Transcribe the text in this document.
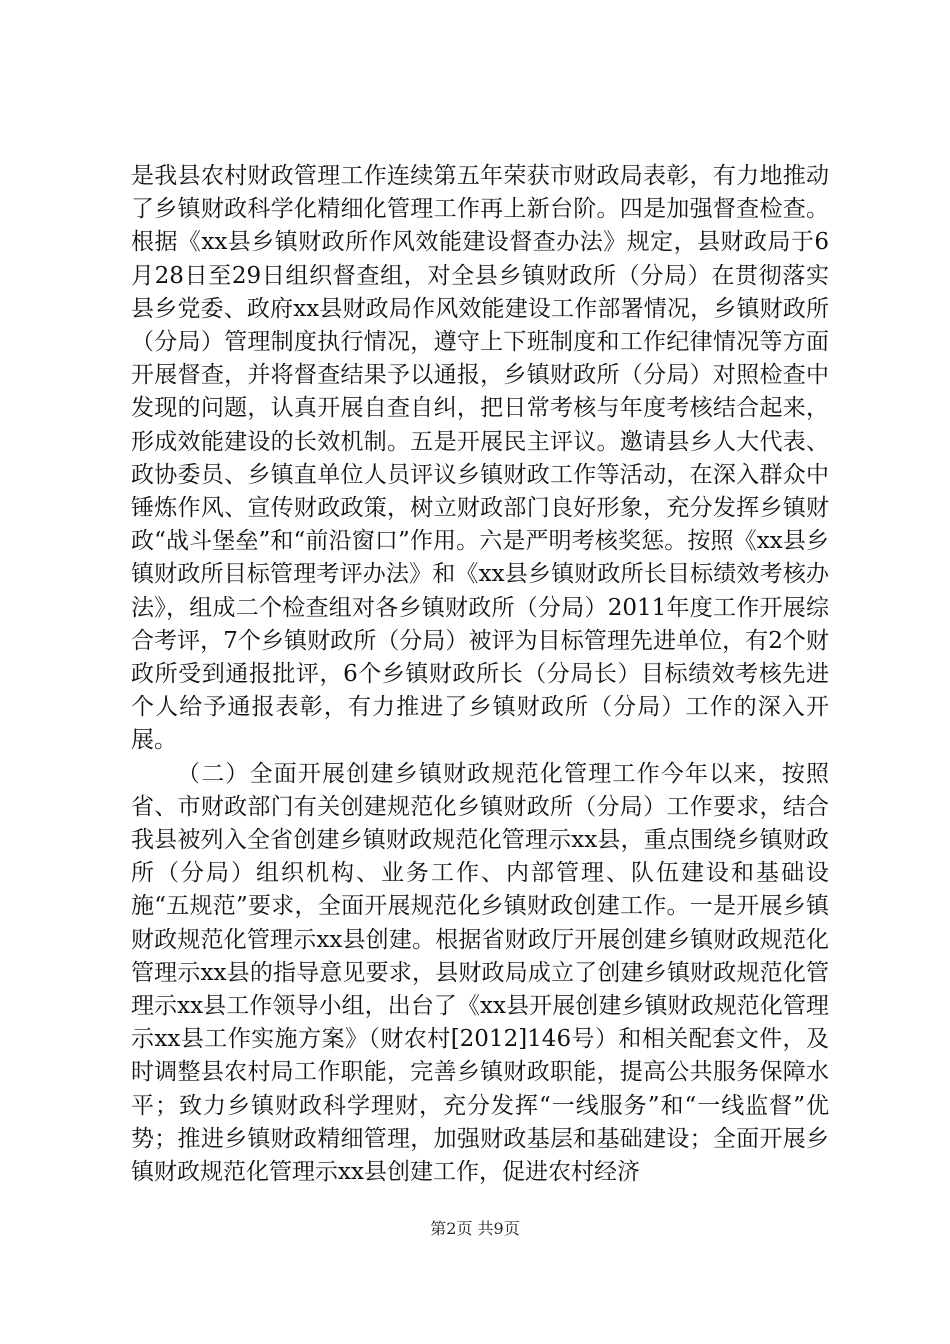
是我县农村财政管理工作连续第五年荣获市财政局表彰，有力地推动了乡镇财政科学化精细化管理工作再上新台阶。四是加强督查检查。根据《xx县乡镇财政所作风效能建设督查办法》规定，县财政局于6月28日至29日组织督查组，对全县乡镇财政所（分局）在贯彻落实县乡党委、政府xx县财政局作风效能建设工作部署情况，乡镇财政所（分局）管理制度执行情况，遵守上下班制度和工作纪律情况等方面开展督查，并将督查结果予以通报，乡镇财政所（分局）对照检查中发现的问题，认真开展自查自纠，把日常考核与年度考核结合起来，形成效能建设的长效机制。五是开展民主评议。邀请县乡人大代表、政协委员、乡镇直单位人员评议乡镇财政工作等活动，在深入群众中锤炼作风、宣传财政政策，树立财政部门良好形象，充分发挥乡镇财政“战斗堡垒”和“前沿窗口”作用。六是严明考核奖惩。按照《xx县乡镇财政所目标管理考评办法》和《xx县乡镇财政所长目标绩效考核办法》，组成二个检查组对各乡镇财政所（分局）2011年度工作开展综合考评，7个乡镇财政所（分局）被评为目标管理先进单位，有2个财政所受到通报批评，6个乡镇财政所长（分局长）目标绩效考核先进个人给予通报表彰，有力推进了乡镇财政所（分局）工作的深入开展。

（二）全面开展创建乡镇财政规范化管理工作今年以来，按照省、市财政部门有关创建规范化乡镇财政所（分局）工作要求，结合我县被列入全省创建乡镇财政规范化管理示xx县，重点围绕乡镇财政所（分局）组织机构、业务工作、内部管理、队伍建设和基础设施“五规范”要求，全面开展规范化乡镇财政创建工作。一是开展乡镇财政规范化管理示xx县创建。根据省财政厅开展创建乡镇财政规范化管理示xx县的指导意见要求，县财政局成立了创建乡镇财政规范化管理示xx县工作领导小组，出台了《xx县开展创建乡镇财政规范化管理示xx县工作实施方案》（财农村[2012]146号）和相关配套文件，及时调整县农村局工作职能，完善乡镇财政职能，提高公共服务保障水平；致力乡镇财政科学理财，充分发挥“一线服务”和“一线监督”优势；推进乡镇财政精细管理，加强财政基层和基础建设；全面开展乡镇财政规范化管理示xx县创建工作，促进农村经济

第2页 共9页
